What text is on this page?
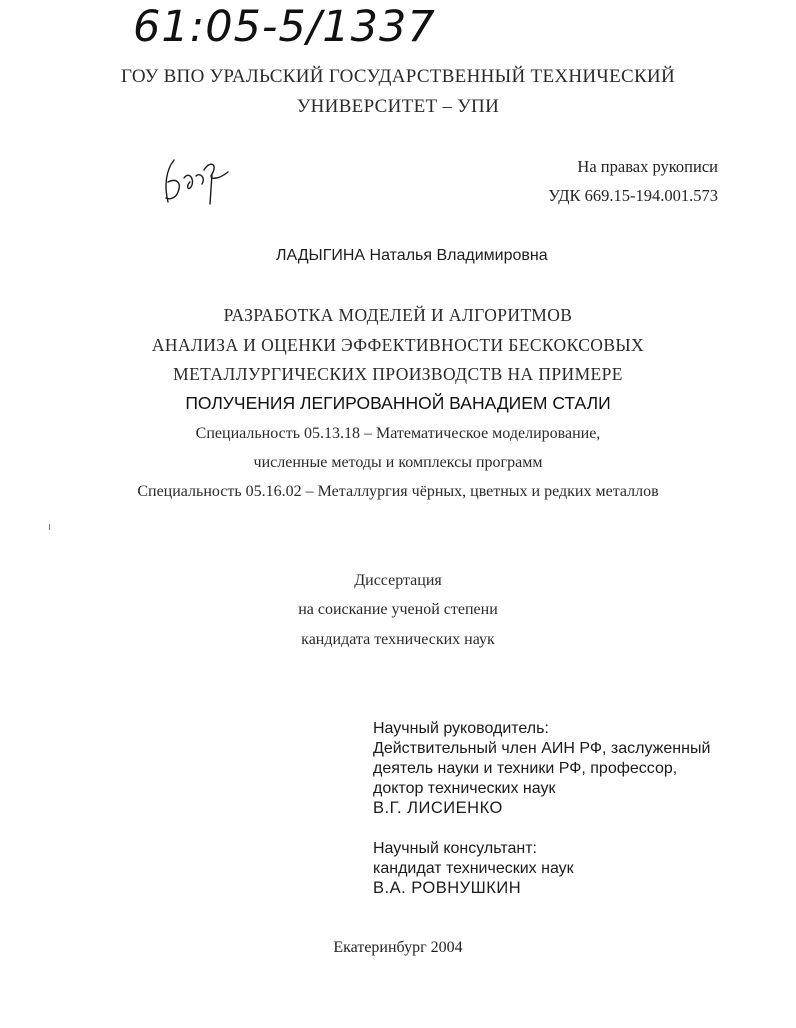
61:05-5/1337
ГОУ ВПО УРАЛЬСКИЙ ГОСУДАРСТВЕННЫЙ ТЕХНИЧЕСКИЙ
УНИВЕРСИТЕТ – УПИ
На правах рукописи
УДК 669.15-194.001.573
ЛАДЫГИНА Наталья Владимировна
РАЗРАБОТКА МОДЕЛЕЙ И АЛГОРИТМОВ
АНАЛИЗА И ОЦЕНКИ ЭФФЕКТИВНОСТИ БЕСКОКСОВЫХ
МЕТАЛЛУРГИЧЕСКИХ ПРОИЗВОДСТВ НА ПРИМЕРЕ
ПОЛУЧЕНИЯ ЛЕГИРОВАННОЙ ВАНАДИЕМ СТАЛИ
Специальность 05.13.18 – Математическое моделирование,
численные методы и комплексы программ
Специальность 05.16.02 – Металлургия чёрных, цветных и редких металлов
Диссертация
на соискание ученой степени
кандидата технических наук
Научный руководитель:
Действительный член АИН РФ, заслуженный
деятель науки и техники РФ, профессор,
доктор технических наук
В.Г. ЛИСИЕНКО
Научный консультант:
кандидат технических наук
В.А. РОВНУШКИН
Екатеринбург 2004
